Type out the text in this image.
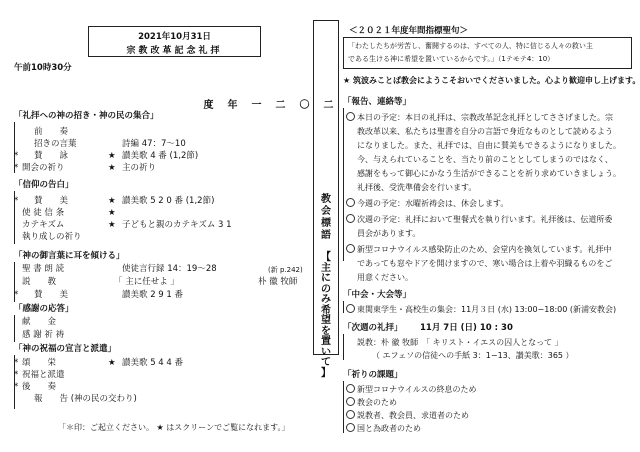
2021年10月31日
宗教改革記念礼拝
午前10時30分
「礼拝への神の招き・神の民の集合」
前　　奏
招きの言葉	詩編 47：7～10
* 賛　　詠	★ 讃美歌 4 番 (1,2節)
* 開会の祈り	★ 主の祈り
「信仰の告白」
* 賛　　美	★ 讃美歌 5 2 0 番 (1,2節)
使 徒 信 条	★
カテキズム	★ 子どもと親のカテキズム 3 1
執り成しの祈り
「神の御言葉に耳を傾ける」
聖 書 朗 読	使徒言行録 14：19～28	(新 p.242)
説　　教	「 主に任せよ 」	朴 徽 牧師
* 賛　　美	讃美歌 2 9 1 番
「感謝の応答」
献　　金
感 謝 祈 祷
「神の祝福の宣言と派遣」
* 頌　　栄	★ 讃美歌 5 4 4 番
* 祝福と派遣
* 後　　奏
報　　告 (神の民の交わり)
「＊印：ご起立ください。 ★ はスクリーンでご覧になれます。」
二
〇
二
一
年
度
教
会
標
語
【
主
に
の
み
希
望
を
置
い
て
】
＜２０２１年度年間指標聖句＞
「わたしたちが労苦し、奮闘するのは、すべての人、特に信じる人々の救い主
である生ける神に希望を置いているからです。」（1テモテ4：10）
★ 筑波みことば教会にようこそおいでくださいました。心より歓迎申し上げます。
「報告、連絡等」
本日の予定：本日の礼拝は、宗教改革記念礼拝としてささげました。宗
教改革以来、私たちは聖書を自分の言語で身近なものとして読めるよう
になりました。また、礼拝では、自由に賛美もできるようになりました。
今、与えられていることを、当たり前のこととしてしまうのではなく、
感謝をもって御心にかなう生活ができることを祈り求めていきましょう。
礼拝後、受洗準備会を行います。
今週の予定：水曜祈祷会は、休会します。
次週の予定：礼拝において聖餐式を執り行います。礼拝後は、伝道所委
員会があります。
新型コロナウイルス感染防止のため、会堂内を換気しています。礼拝中
であっても窓やドアを開けますので、寒い場合は上着や羽織るものをご
用意ください。
「中会・大会等」
東関東学生・高校生の集会：11月３日 (水) 13:00−18:00 (新浦安教会)
「次週の礼拝」 11月 7日 (日) 10 : 30
説教：朴 徽 牧師　「 キリスト・イエスの囚人となって 」
（ エフェソの信徒への手紙 3：1−13、讃美歌：365 ）
「祈りの課題」
新型コロナウイルスの終息のため
教会のため
説教者、教会員、求道者のため
国と為政者のため
